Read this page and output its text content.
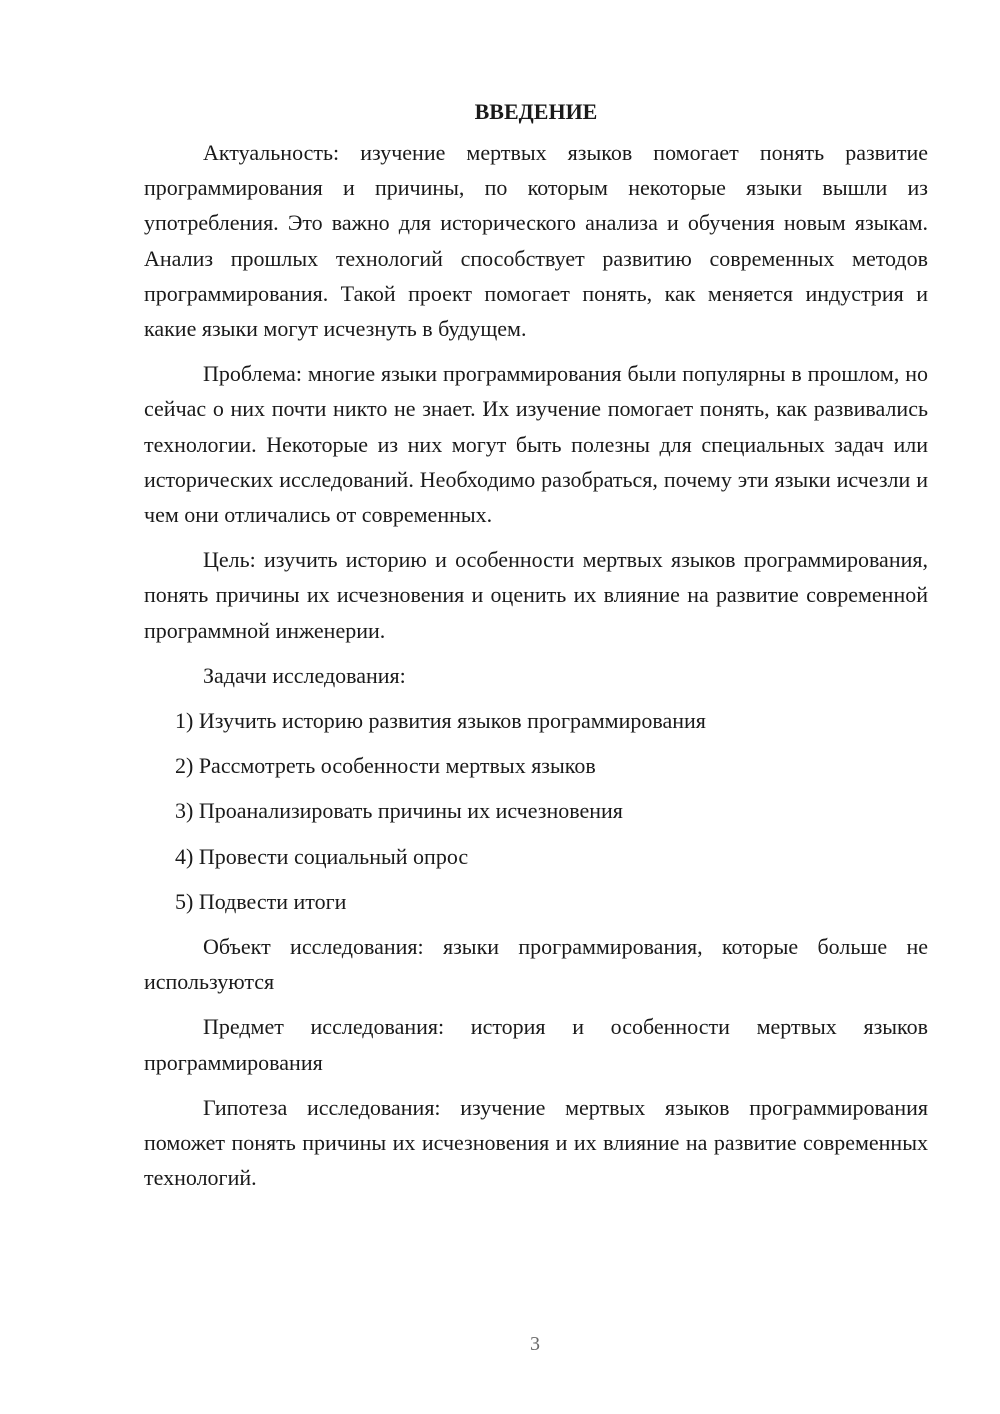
ВВЕДЕНИЕ

Актуальность: изучение мертвых языков помогает понять развитие программирования и причины, по которым некоторые языки вышли из употребления. Это важно для исторического анализа и обучения новым языкам. Анализ прошлых технологий способствует развитию современных методов программирования. Такой проект помогает понять, как меняется индустрия и какие языки могут исчезнуть в будущем.

Проблема: многие языки программирования были популярны в прошлом, но сейчас о них почти никто не знает. Их изучение помогает понять, как развивались технологии. Некоторые из них могут быть полезны для специальных задач или исторических исследований. Необходимо разобраться, почему эти языки исчезли и чем они отличались от современных.

Цель: изучить историю и особенности мертвых языков программирования, понять причины их исчезновения и оценить их влияние на развитие современной программной инженерии.

Задачи исследования:

1) Изучить историю развития языков программирования
2) Рассмотреть особенности мертвых языков
3) Проанализировать причины их исчезновения
4) Провести социальный опрос
5) Подвести итоги

Объект исследования: языки программирования, которые больше не используются

Предмет исследования: история и особенности мертвых языков программирования

Гипотеза исследования: изучение мертвых языков программирования поможет понять причины их исчезновения и их влияние на развитие современных технологий.

3
